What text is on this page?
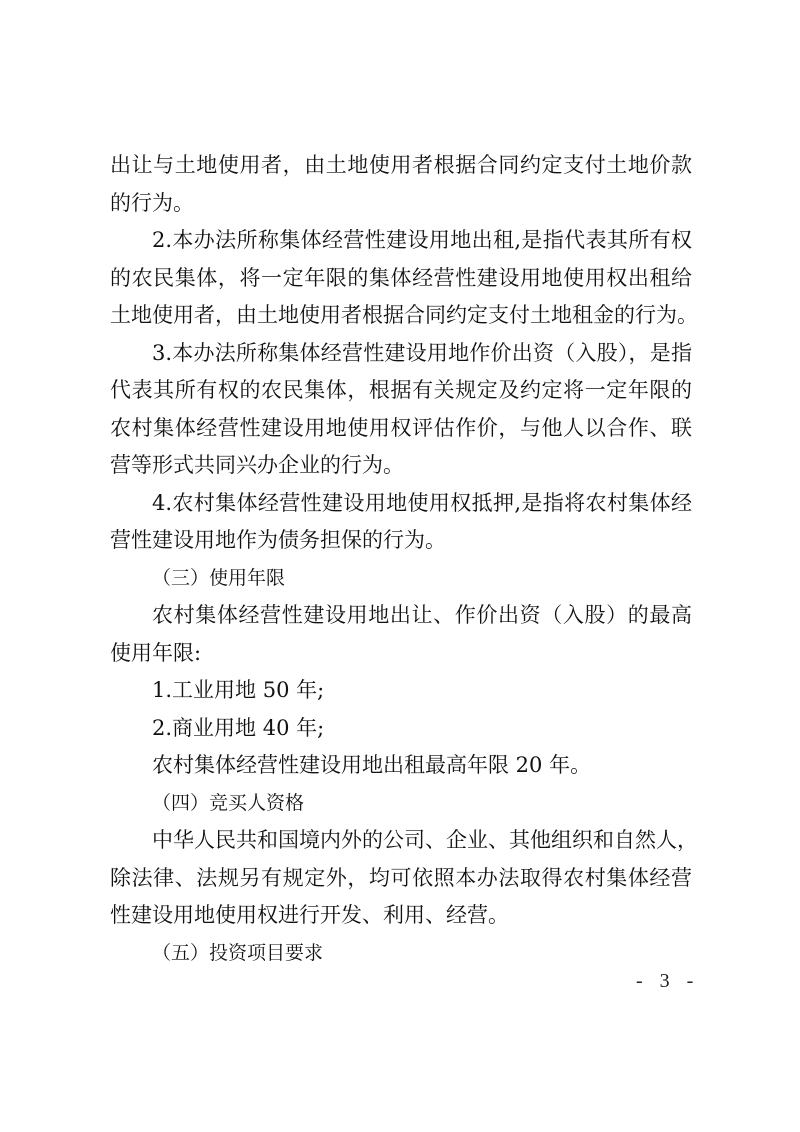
出让与土地使用者，由土地使用者根据合同约定支付土地价款
的行为。
2.本办法所称集体经营性建设用地出租,是指代表其所有权
的农民集体，将一定年限的集体经营性建设用地使用权出租给
土地使用者，由土地使用者根据合同约定支付土地租金的行为。
3.本办法所称集体经营性建设用地作价出资（入股），是指
代表其所有权的农民集体，根据有关规定及约定将一定年限的
农村集体经营性建设用地使用权评估作价，与他人以合作、联
营等形式共同兴办企业的行为。
4.农村集体经营性建设用地使用权抵押,是指将农村集体经
营性建设用地作为债务担保的行为。
（三）使用年限
农村集体经营性建设用地出让、作价出资（入股）的最高
使用年限:
1.工业用地 50 年;
2.商业用地 40 年;
农村集体经营性建设用地出租最高年限 20 年。
（四）竞买人资格
中华人民共和国境内外的公司、企业、其他组织和自然人，
除法律、法规另有规定外，均可依照本办法取得农村集体经营
性建设用地使用权进行开发、利用、经营。
（五）投资项目要求
- 3 -
